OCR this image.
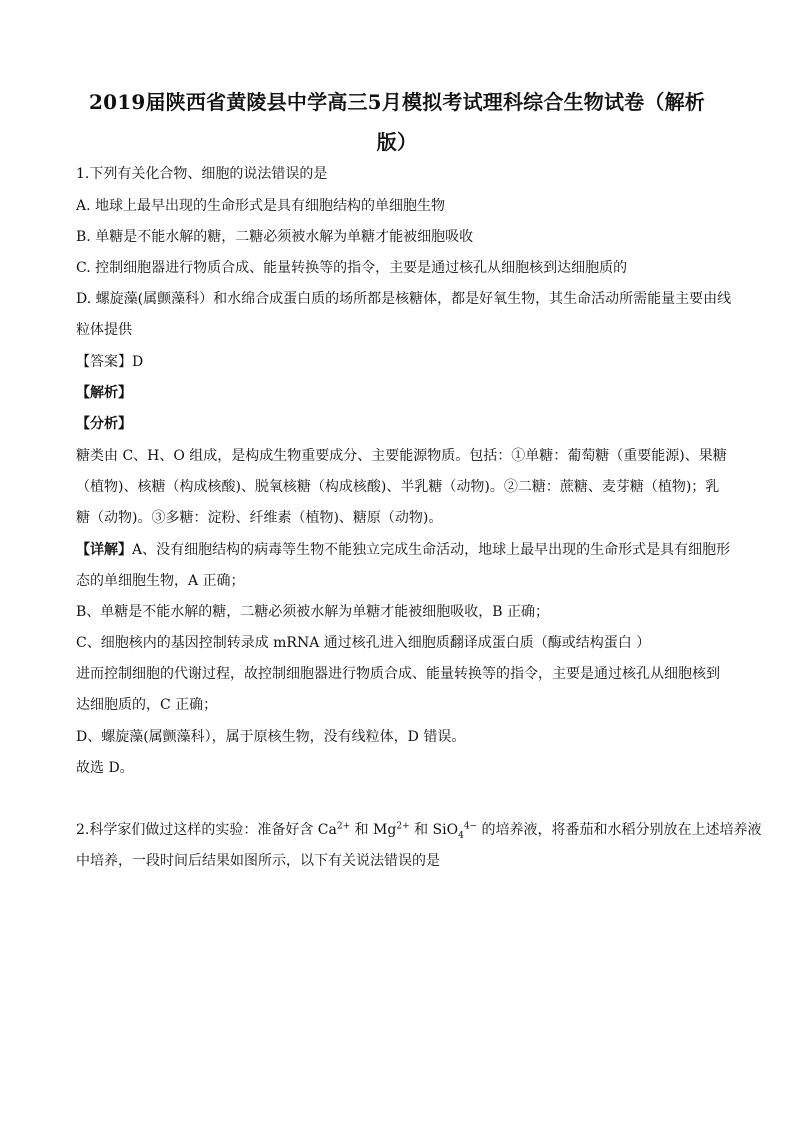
2019届陕西省黄陵县中学高三5月模拟考试理科综合生物试卷（解析
版）
1.下列有关化合物、细胞的说法错误的是
A. 地球上最早出现的生命形式是具有细胞结构的单细胞生物
B. 单糖是不能水解的糖，二糖必须被水解为单糖才能被细胞吸收
C. 控制细胞器进行物质合成、能量转换等的指令，主要是通过核孔从细胞核到达细胞质的
D. 螺旋藻(属颤藻科）和水绵合成蛋白质的场所都是核糖体，都是好氧生物，其生命活动所需能量主要由线
粒体提供
【答案】D
【解析】
【分析】
糖类由 C、H、O 组成，是构成生物重要成分、主要能源物质。包括：①单糖：葡萄糖（重要能源)、果糖
（植物)、核糖（构成核酸)、脱氧核糖（构成核酸)、半乳糖（动物)。②二糖：蔗糖、麦芽糖（植物)；乳
糖（动物)。③多糖：淀粉、纤维素（植物)、糖原（动物)。
【详解】A、没有细胞结构的病毒等生物不能独立完成生命活动，地球上最早出现的生命形式是具有细胞形
态的单细胞生物，A 正确；
B、单糖是不能水解的糖，二糖必须被水解为单糖才能被细胞吸收，B 正确；
C、细胞核内的基因控制转录成 mRNA 通过核孔进入细胞质翻译成蛋白质（酶或结构蛋白 ）
进而控制细胞的代谢过程，故控制细胞器进行物质合成、能量转换等的指令，主要是通过核孔从细胞核到
达细胞质的，C 正确；
D、螺旋藻(属颤藻科），属于原核生物，没有线粒体，D 错误。
故选 D。
2.科学家们做过这样的实验：准备好含 $Ca^{2+}$ 和 $Mg^{2+}$ 和 SiO$_4^{4-}$ 的培养液，将番茄和水稻分别放在上述培养液
中培养，一段时间后结果如图所示，以下有关说法错误的是
